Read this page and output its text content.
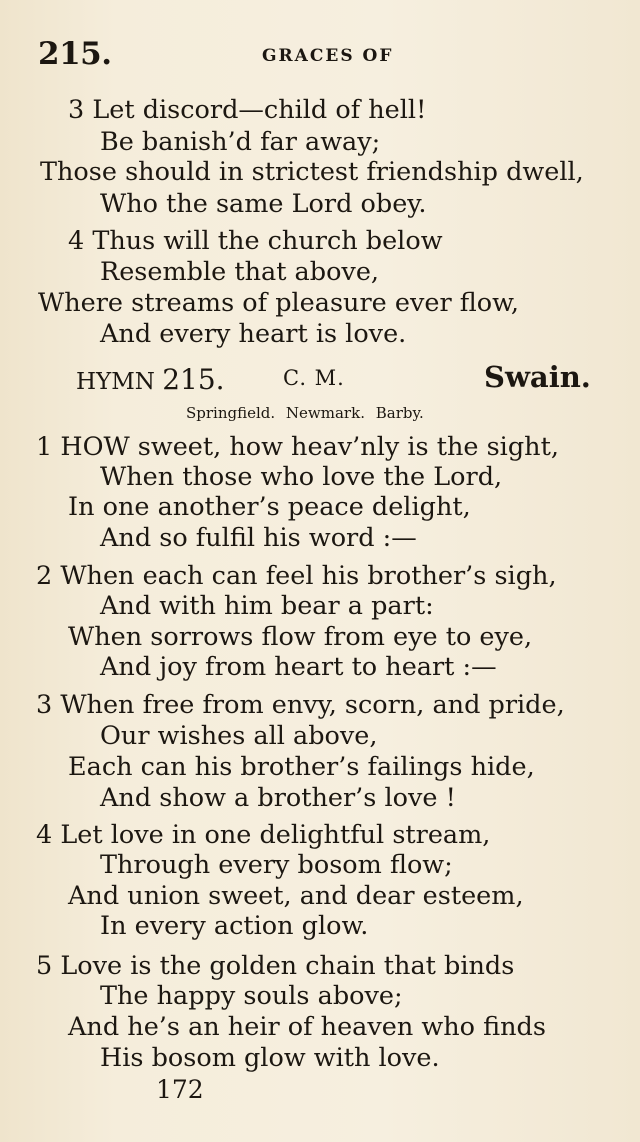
215.	GRACES OF
3 Let discord—child of hell!
Be banish’d far away;
Those should in strictest friendship dwell,
Who the same Lord obey.
4 Thus will the church below
Resemble that above,
Where streams of pleasure ever flow,
And every heart is love.
HYMN 215.	C. M.	Swain.
Springfield. Newmark. Barby.
1 HOW sweet, how heav’nly is the sight,
When those who love the Lord,
In one another’s peace delight,
And so fulfil his word :—
2 When each can feel his brother’s sigh,
And with him bear a part:
When sorrows flow from eye to eye,
And joy from heart to heart :—
3 When free from envy, scorn, and pride,
Our wishes all above,
Each can his brother’s failings hide,
And show a brother’s love !
4 Let love in one delightful stream,
Through every bosom flow;
And union sweet, and dear esteem,
In every action glow.
5 Love is the golden chain that binds
The happy souls above;
And he’s an heir of heaven who finds
His bosom glow with love.
172
